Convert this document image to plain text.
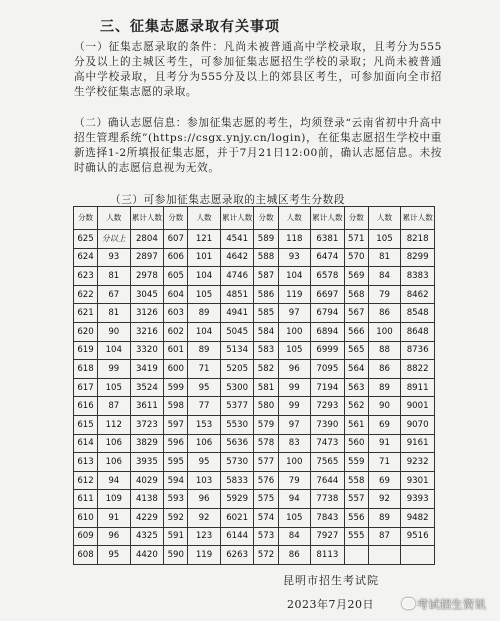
三、征集志愿录取有关事项
（一）征集志愿录取的条件：凡尚未被普通高中学校录取，且考分为555分及以上的主城区考生，可参加征集志愿招生学校的录取；凡尚未被普通高中学校录取，且考分为555分及以上的郊县区考生，可参加面向全市招生学校征集志愿的录取。
（二）确认志愿信息：参加征集志愿的考生，均须登录“云南省初中升高中招生管理系统”(https://csgx.ynjy.cn/login)，在征集志愿招生学校中重新选择1-2所填报征集志愿，并于7月21日12:00前，确认志愿信息。未按时确认的志愿信息视为无效。
（三）可参加征集志愿录取的主城区考生分数段
分数	人数	累计人数	分数	人数	累计人数	分数	人数	累计人数	分数	人数	累计人数
625	分以上	2804	607	121	4541	589	118	6381	571	105	8218
624	93	2897	606	101	4642	588	93	6474	570	81	8299
623	81	2978	605	104	4746	587	104	6578	569	84	8383
622	67	3045	604	105	4851	586	119	6697	568	79	8462
621	81	3126	603	89	4941	585	97	6794	567	86	8548
620	90	3216	602	104	5045	584	100	6894	566	100	8648
619	104	3320	601	89	5134	583	105	6999	565	88	8736
618	99	3419	600	71	5205	582	96	7095	564	86	8822
617	105	3524	599	95	5300	581	99	7194	563	89	8911
616	87	3611	598	77	5377	580	99	7293	562	90	9001
615	112	3723	597	153	5530	579	97	7390	561	69	9070
614	106	3829	596	106	5636	578	83	7473	560	91	9161
613	106	3935	595	95	5730	577	100	7565	559	71	9232
612	94	4029	594	103	5833	576	79	7644	558	69	9301
611	109	4138	593	96	5929	575	94	7738	557	92	9393
610	91	4229	592	92	6021	574	105	7843	556	89	9482
609	96	4325	591	123	6144	573	84	7927	555	87	9516
608	95	4420	590	119	6263	572	86	8113			
昆明市招生考试院
2023年7月20日	考试招生资讯
